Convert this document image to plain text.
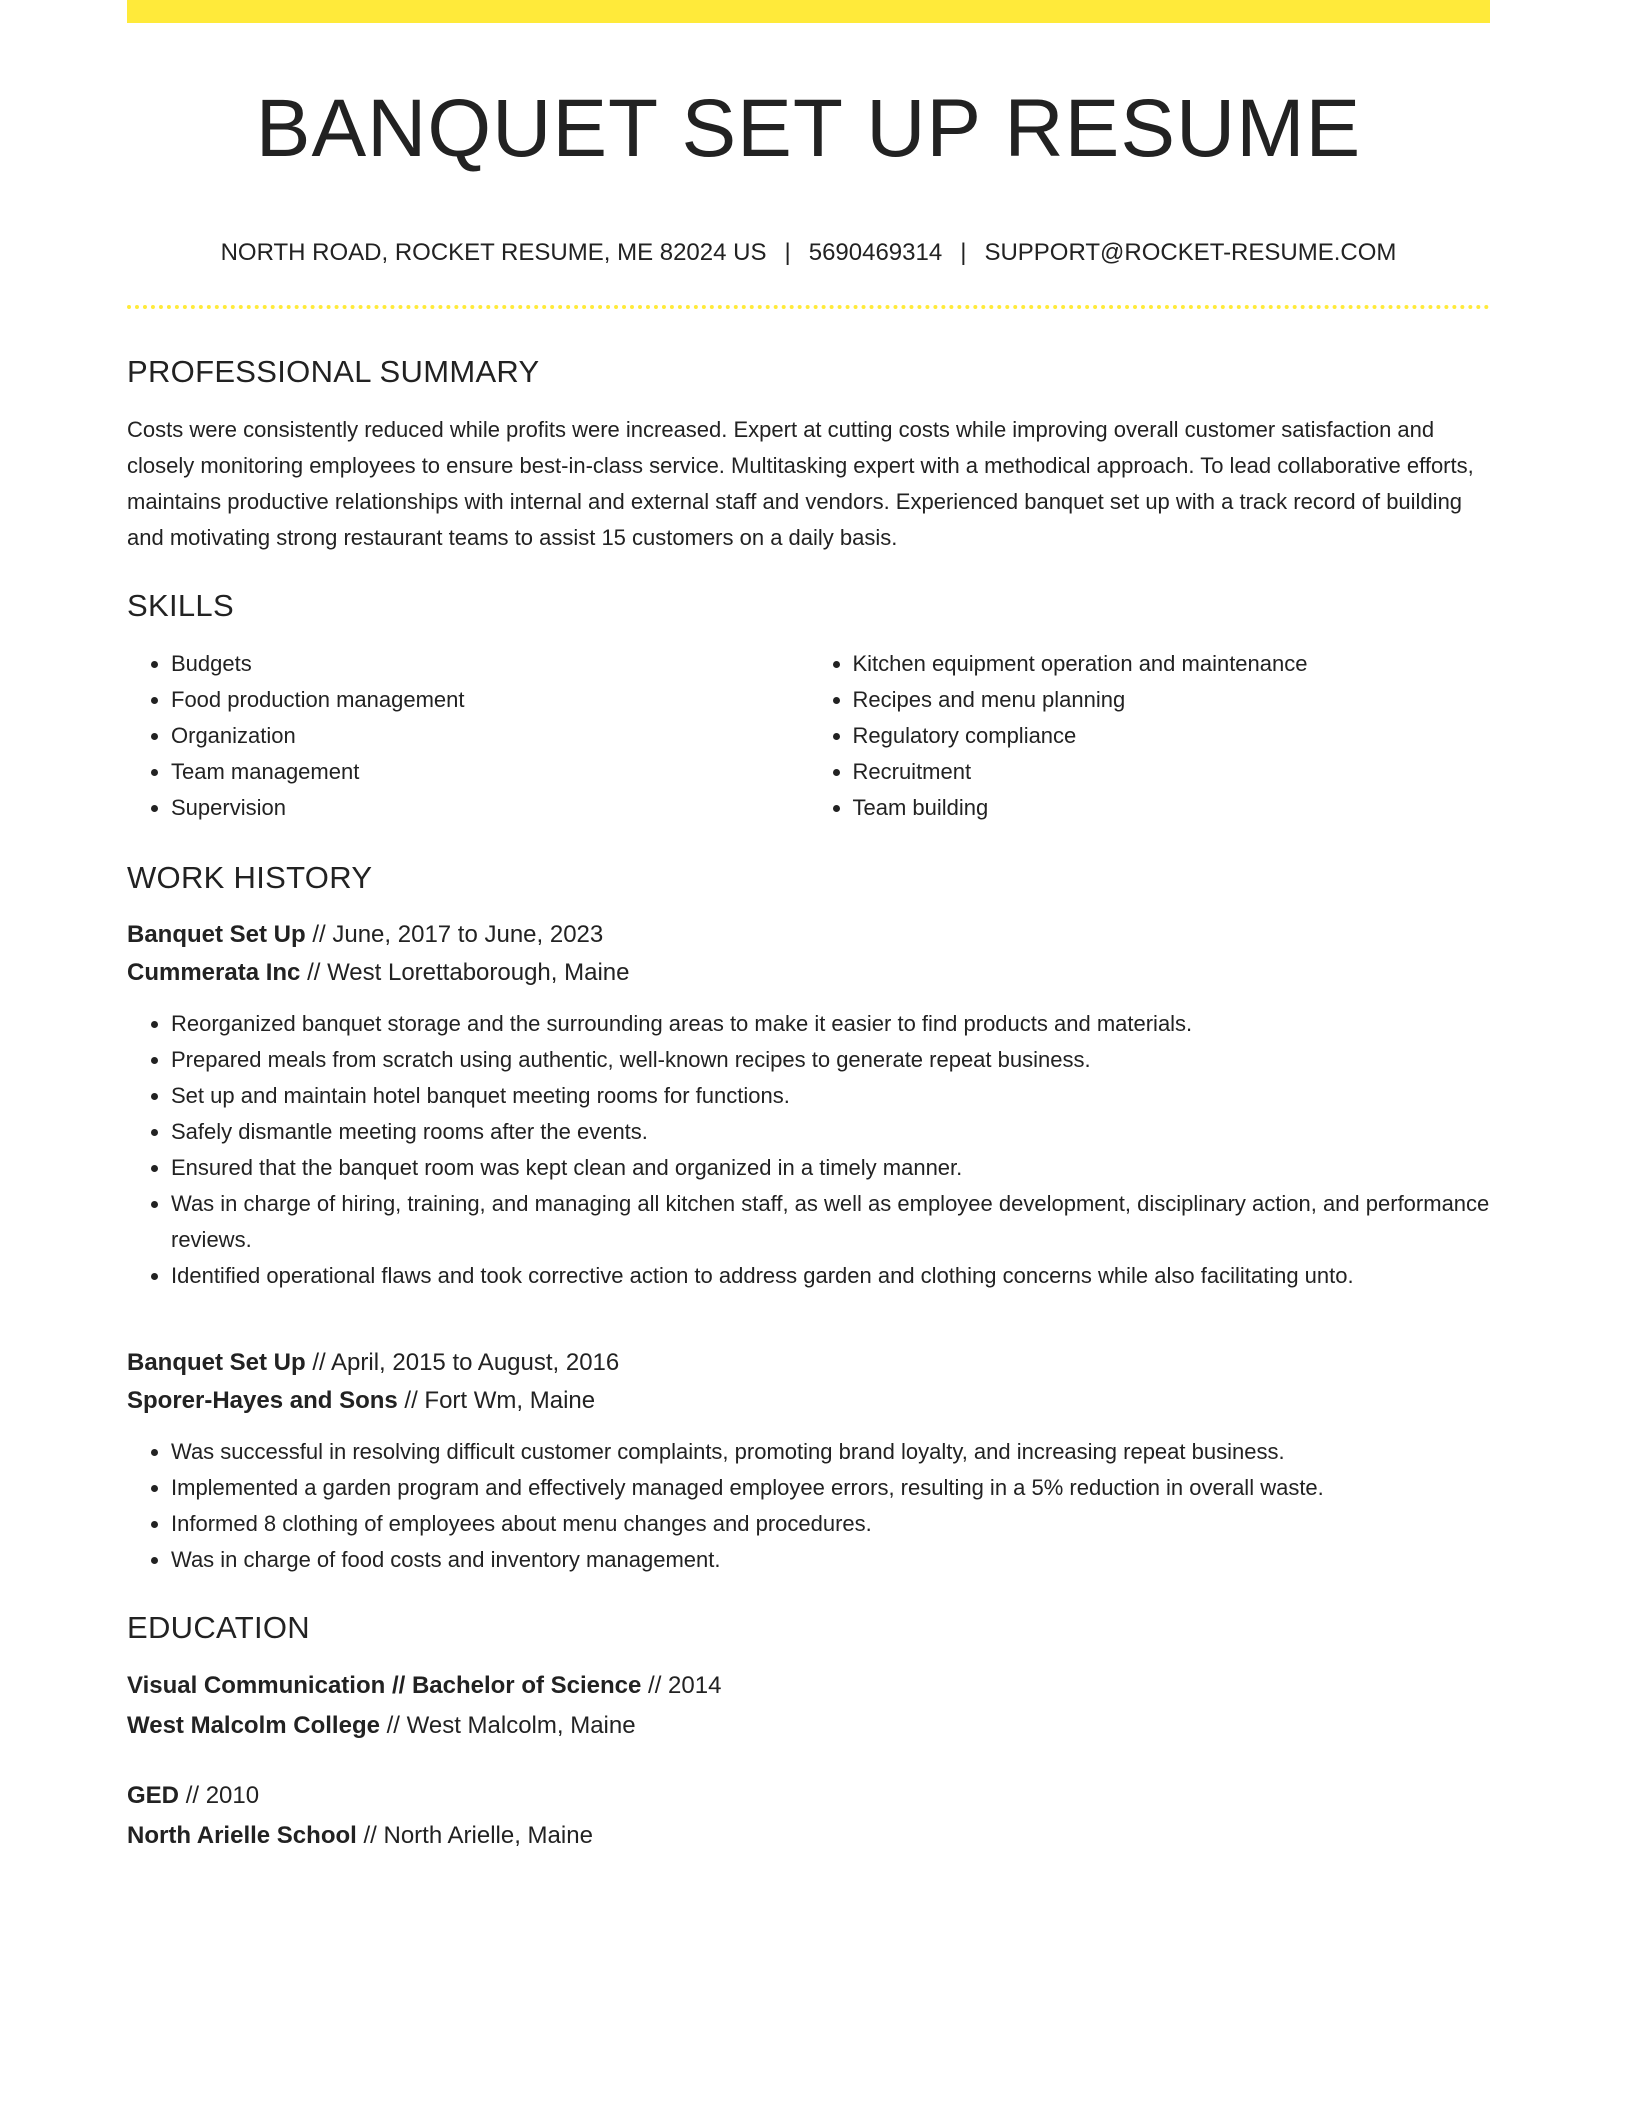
BANQUET SET UP RESUME
NORTH ROAD, ROCKET RESUME, ME 82024 US | 5690469314 | SUPPORT@ROCKET-RESUME.COM
PROFESSIONAL SUMMARY

Costs were consistently reduced while profits were increased. Expert at cutting costs while improving overall customer satisfaction and closely monitoring employees to ensure best-in-class service. Multitasking expert with a methodical approach. To lead collaborative efforts, maintains productive relationships with internal and external staff and vendors. Experienced banquet set up with a track record of building and motivating strong restaurant teams to assist 15 customers on a daily basis.

SKILLS
• Budgets
• Food production management
• Organization
• Team management
• Supervision
• Kitchen equipment operation and maintenance
• Recipes and menu planning
• Regulatory compliance
• Recruitment
• Team building
WORK HISTORY
Banquet Set Up // June, 2017 to June, 2023
Cummerata Inc // West Lorettaborough, Maine
• Reorganized banquet storage and the surrounding areas to make it easier to find products and materials.
• Prepared meals from scratch using authentic, well-known recipes to generate repeat business.
• Set up and maintain hotel banquet meeting rooms for functions.
• Safely dismantle meeting rooms after the events.
• Ensured that the banquet room was kept clean and organized in a timely manner.
• Was in charge of hiring, training, and managing all kitchen staff, as well as employee development, disciplinary action, and performance reviews.
• Identified operational flaws and took corrective action to address garden and clothing concerns while also facilitating unto.
Banquet Set Up // April, 2015 to August, 2016
Sporer-Hayes and Sons // Fort Wm, Maine
• Was successful in resolving difficult customer complaints, promoting brand loyalty, and increasing repeat business.
• Implemented a garden program and effectively managed employee errors, resulting in a 5% reduction in overall waste.
• Informed 8 clothing of employees about menu changes and procedures.
• Was in charge of food costs and inventory management.
EDUCATION
Visual Communication // Bachelor of Science // 2014
West Malcolm College // West Malcolm, Maine
GED // 2010
North Arielle School // North Arielle, Maine
